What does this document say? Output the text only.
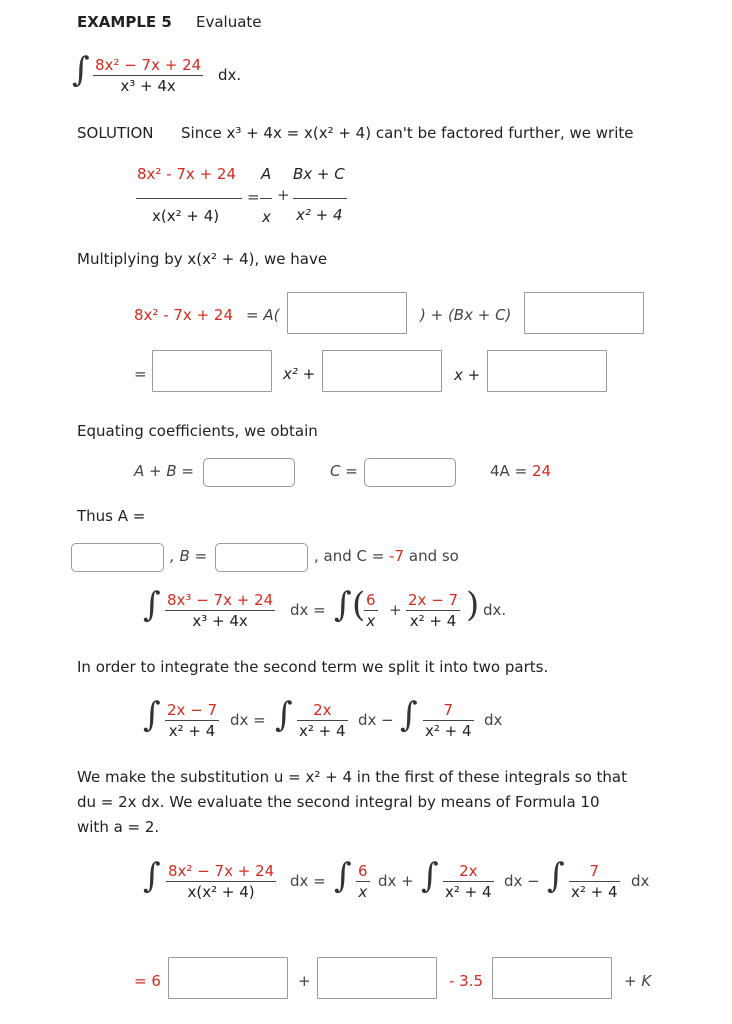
EXAMPLE 5 Evaluate
∫ $\frac{\text{8x² − 7x + 24}}{\text{x³ + 4x}}$ dx.
SOLUTION Since x³ + 4x = x(x² + 4) can't be factored further, we write
8x² - 7x + 24
x(x² + 4)
A
=
x
+
Bx + C
x² + 4
Multiplying by x(x² + 4), we have
8x² - 7x + 24 = A(	) + (Bx + C)
=	x² +	x +
Equating coefficients, we obtain
A + B =	C =	4A = 24
Thus A =
, B =	, and C = -7 and so
∫ $\frac{\text{8x³ − 7x + 24}}{\text{x³ + 4x}}$ dx = ∫ (
$\frac{6}{x} + \frac{2x - 7}{\text{x² + 4}}$ ) dx.
In order to integrate the second term we split it into two parts.
∫ $\frac{2x - 7}{\text{x² + 4}}$ dx = ∫ $\frac{2x}{\text{x² + 4}}$ dx − ∫ $\frac{7}{\text{x² + 4}}$ dx
We make the substitution u = x² + 4 in the first of these integrals so that
du = 2x dx. We evaluate the second integral by means of Formula 10
with a = 2.
∫ $\frac{\text{8x² − 7x + 24}}{\text{x(x² + 4)}}$ dx = ∫ $\frac{6}{x}$ dx + ∫ $\frac{2x}{\text{x² + 4}}$ dx − ∫ $\frac{7}{\text{x² + 4}}$ dx
= 6	+	- 3.5	+ K
